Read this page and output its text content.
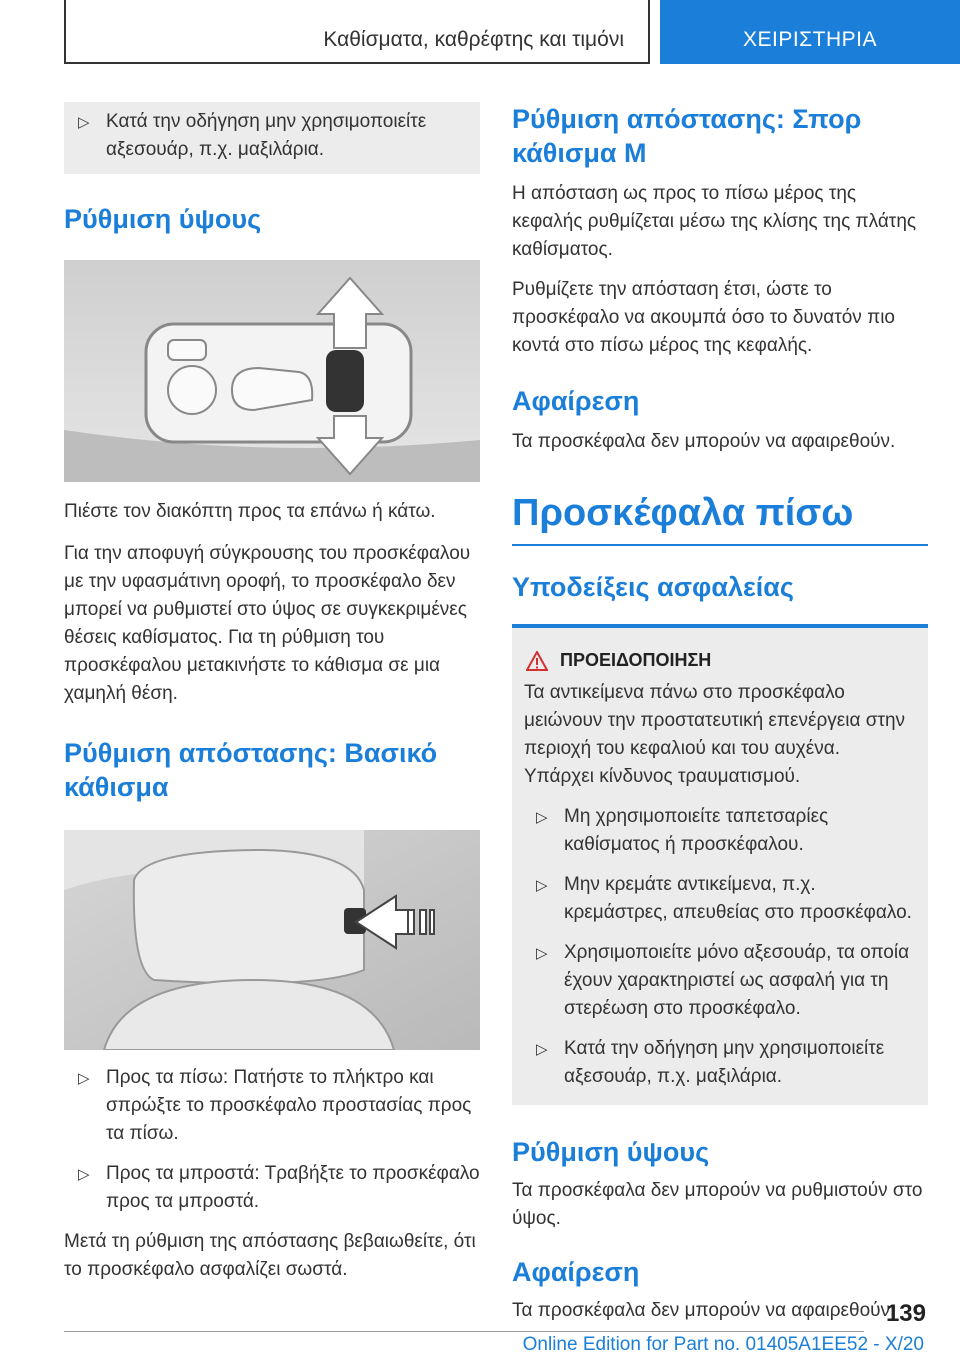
Καθίσματα, καθρέφτης και τιμόνι	ΧΕΙΡΙΣΤΗΡΙΑ
▷ Κατά την οδήγηση μην χρησιμοποιείτε αξεσουάρ, π.χ. μαξιλάρια.
Ρύθμιση ύψους

Πιέστε τον διακόπτη προς τα επάνω ή κάτω.

Για την αποφυγή σύγκρουσης του προσκέφαλου με την υφασμάτινη οροφή, το προσκέφαλο δεν μπορεί να ρυθμιστεί στο ύψος σε συγκεκριμένες θέσεις καθίσματος. Για τη ρύθμιση του προσκέφαλου μετακινήστε το κάθισμα σε μια χαμηλή θέση.

Ρύθμιση απόστασης: Βασικό κάθισμα
▷ Προς τα πίσω: Πατήστε το πλήκτρο και σπρώξτε το προσκέφαλο προστασίας προς τα πίσω.
▷ Προς τα μπροστά: Τραβήξτε το προσκέφαλο προς τα μπροστά.

Μετά τη ρύθμιση της απόστασης βεβαιωθείτε, ότι το προσκέφαλο ασφαλίζει σωστά.

Ρύθμιση απόστασης: Σπορ κάθισμα M

Η απόσταση ως προς το πίσω μέρος της κεφαλής ρυθμίζεται μέσω της κλίσης της πλάτης καθίσματος.

Ρυθμίζετε την απόσταση έτσι, ώστε το προσκέφαλο να ακουμπά όσο το δυνατόν πιο κοντά στο πίσω μέρος της κεφαλής.

Αφαίρεση

Τα προσκέφαλα δεν μπορούν να αφαιρεθούν.

Προσκέφαλα πίσω
Υποδείξεις ασφαλείας
ΠΡΟΕΙΔΟΠΟΙΗΣΗ

Τα αντικείμενα πάνω στο προσκέφαλο μειώνουν την προστατευτική επενέργεια στην περιοχή του κεφαλιού και του αυχένα. Υπάρχει κίνδυνος τραυματισμού.

▷ Μη χρησιμοποιείτε ταπετσαρίες καθίσματος ή προσκέφαλου.
▷ Μην κρεμάτε αντικείμενα, π.χ. κρεμάστρες, απευθείας στο προσκέφαλο.
▷ Χρησιμοποιείτε μόνο αξεσουάρ, τα οποία έχουν χαρακτηριστεί ως ασφαλή για τη στερέωση στο προσκέφαλο.
▷ Κατά την οδήγηση μην χρησιμοποιείτε αξεσουάρ, π.χ. μαξιλάρια.
Ρύθμιση ύψους

Τα προσκέφαλα δεν μπορούν να ρυθμιστούν στο ύψος.

Αφαίρεση

Τα προσκέφαλα δεν μπορούν να αφαιρεθούν.

139
Online Edition for Part no. 01405A1EE52 - X/20
